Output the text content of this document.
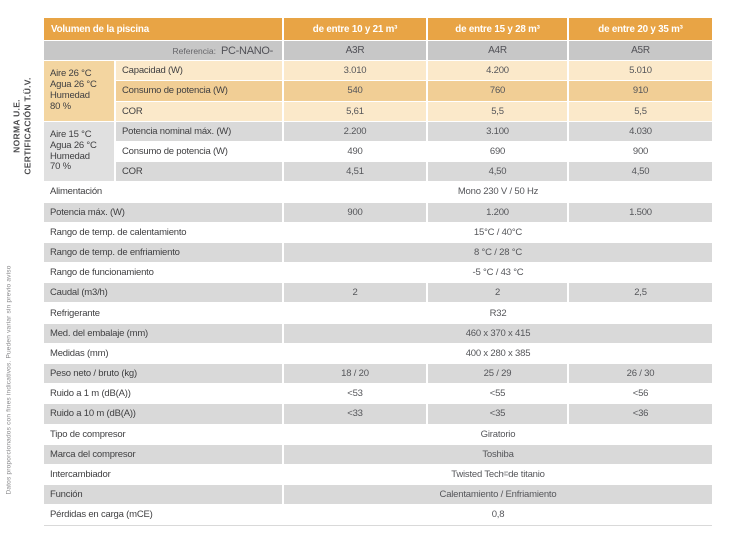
NORMA U.E. CERTIFICACIÓN T.Ü.V.
Datos proporcionados con fines indicativos. Pueden variar sin previo aviso
Volumen de la piscina	de entre 10 y 21 m³	de entre 15 y 28 m³	de entre 20 y 35 m³
Referencia: PC-NANO-	A3R	A4R	A5R
Aire 26 °C
Agua 26 °C
Humedad
80 %
Capacidad (W)	3.010	4.200	5.010
Consumo de potencia (W)	540	760	910
COR	5,61	5,5	5,5
Aire 15 °C
Agua 26 °C
Humedad
70 %
Potencia nominal máx. (W)	2.200	3.100	4.030
Consumo de potencia (W)	490	690	900
COR	4,51	4,50	4,50
Alimentación	Mono 230 V / 50 Hz
Potencia máx. (W)	900	1.200	1.500
Rango de temp. de calentamiento	15°C / 40°C
Rango de temp. de enfriamiento	8 °C / 28 °C
Rango de funcionamiento	-5 °C / 43 °C
Caudal (m3/h)	2	2	2,5
Refrigerante	R32
Med. del embalaje (mm)	460 x 370 x 415
Medidas (mm)	400 x 280 x 385
Peso neto / bruto (kg)	18 / 20	25 / 29	26 / 30
Ruido a 1 m (dB(A))	<53	<55	<56
Ruido a 10 m (dB(A))	<33	<35	<36
Tipo de compresor	Giratorio
Marca del compresor	Toshiba
Intercambiador	Twisted Tech © de titanio
Función	Calentamiento / Enfriamiento
Pérdidas en carga (mCE)	0,8
